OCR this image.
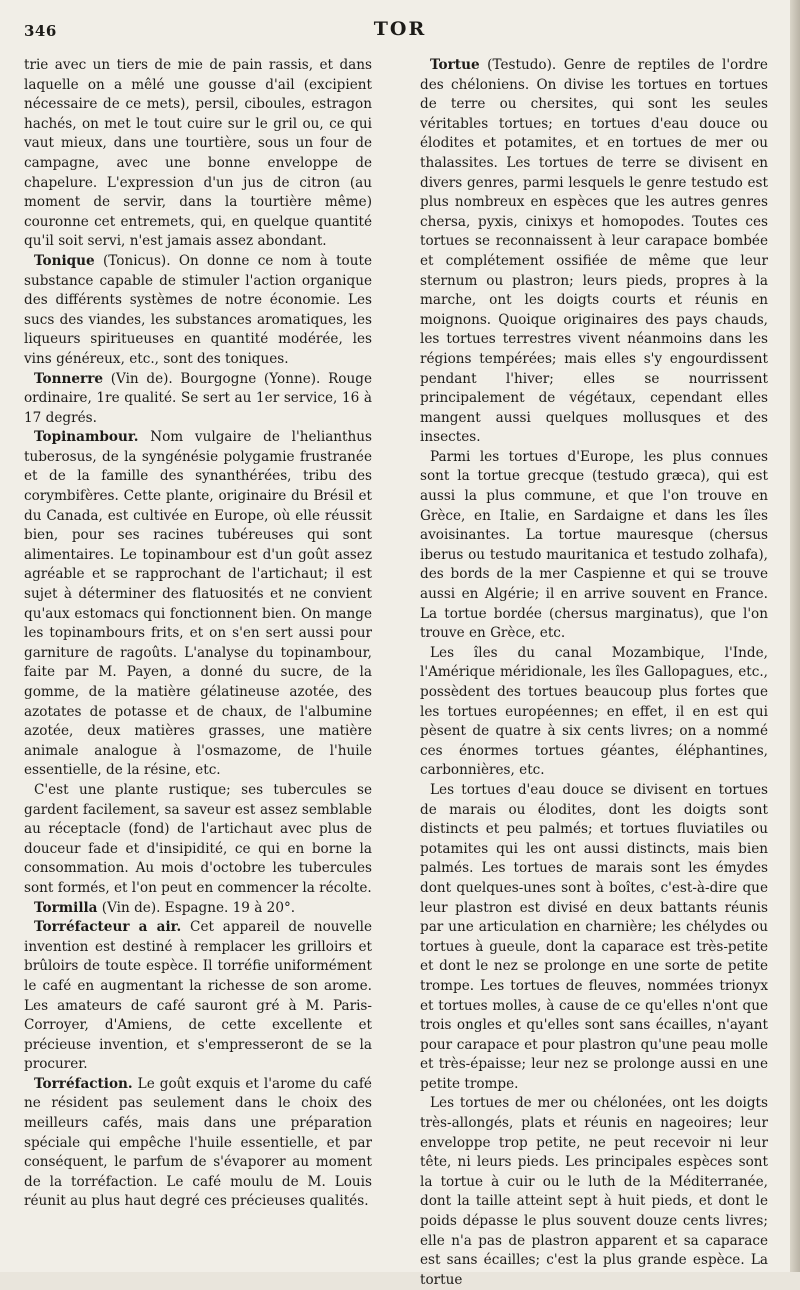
346	TOR

trie avec un tiers de mie de pain rassis, et dans laquelle on a mêlé une gousse d'ail (excipient nécessaire de ce mets), persil, ciboules, estragon hachés, on met le tout cuire sur le gril ou, ce qui vaut mieux, dans une tourtière, sous un four de campagne, avec une bonne enveloppe de chapelure. L'expression d'un jus de citron (au moment de servir, dans la tourtière même) couronne cet entremets, qui, en quelque quantité qu'il soit servi, n'est jamais assez abondant.

Tonique (Tonicus). On donne ce nom à toute substance capable de stimuler l'action organique des différents systèmes de notre économie. Les sucs des viandes, les substances aromatiques, les liqueurs spiritueuses en quantité modérée, les vins généreux, etc., sont des toniques.

Tonnerre (Vin de). Bourgogne (Yonne). Rouge ordinaire, 1re qualité. Se sert au 1er service, 16 à 17 degrés.

Topinambour. Nom vulgaire de l'helianthus tuberosus, de la syngénésie polygamie frustranée et de la famille des synanthérées, tribu des corymbifères. Cette plante, originaire du Brésil et du Canada, est cultivée en Europe, où elle réussit bien, pour ses racines tubéreuses qui sont alimentaires. Le topinambour est d'un goût assez agréable et se rapprochant de l'artichaut; il est sujet à déterminer des flatuosités et ne convient qu'aux estomacs qui fonctionnent bien. On mange les topinambours frits, et on s'en sert aussi pour garniture de ragoûts. L'analyse du topinambour, faite par M. Payen, a donné du sucre, de la gomme, de la matière gélatineuse azotée, des azotates de potasse et de chaux, de l'albumine azotée, deux matières grasses, une matière animale analogue à l'osmazome, de l'huile essentielle, de la résine, etc.

C'est une plante rustique; ses tubercules se gardent facilement, sa saveur est assez semblable au réceptacle (fond) de l'artichaut avec plus de douceur fade et d'insipidité, ce qui en borne la consommation. Au mois d'octobre les tubercules sont formés, et l'on peut en commencer la récolte.

Tormilla (Vin de). Espagne. 19 à 20°.

Torréfacteur a air. Cet appareil de nouvelle invention est destiné à remplacer les grilloirs et brûloirs de toute espèce. Il torréfie uniformément le café en augmentant la richesse de son arome. Les amateurs de café sauront gré à M. Paris-Corroyer, d'Amiens, de cette excellente et précieuse invention, et s'empresseront de se la procurer.

Torréfaction. Le goût exquis et l'arome du café ne résident pas seulement dans le choix des meilleurs cafés, mais dans une préparation spéciale qui empêche l'huile essentielle, et par conséquent, le parfum de s'évaporer au moment de la torréfaction. Le café moulu de M. Louis réunit au plus haut degré ces précieuses qualités.

Tortue (Testudo). Genre de reptiles de l'ordre des chéloniens. On divise les tortues en tortues de terre ou chersites, qui sont les seules véritables tortues; en tortues d'eau douce ou élodites et potamites, et en tortues de mer ou thalassites. Les tortues de terre se divisent en divers genres, parmi lesquels le genre testudo est plus nombreux en espèces que les autres genres chersa, pyxis, cinixys et homopodes. Toutes ces tortues se reconnaissent à leur carapace bombée et complétement ossifiée de même que leur sternum ou plastron; leurs pieds, propres à la marche, ont les doigts courts et réunis en moignons. Quoique originaires des pays chauds, les tortues terrestres vivent néanmoins dans les régions tempérées; mais elles s'y engourdissent pendant l'hiver; elles se nourrissent principalement de végétaux, cependant elles mangent aussi quelques mollusques et des insectes.

Parmi les tortues d'Europe, les plus connues sont la tortue grecque (testudo græca), qui est aussi la plus commune, et que l'on trouve en Grèce, en Italie, en Sardaigne et dans les îles avoisinantes. La tortue mauresque (chersus iberus ou testudo mauritanica et testudo zolhafa), des bords de la mer Caspienne et qui se trouve aussi en Algérie; il en arrive souvent en France. La tortue bordée (chersus marginatus), que l'on trouve en Grèce, etc.

Les îles du canal Mozambique, l'Inde, l'Amérique méridionale, les îles Gallopagues, etc., possèdent des tortues beaucoup plus fortes que les tortues européennes; en effet, il en est qui pèsent de quatre à six cents livres; on a nommé ces énormes tortues géantes, éléphantines, carbonnières, etc.

Les tortues d'eau douce se divisent en tortues de marais ou élodites, dont les doigts sont distincts et peu palmés; et tortues fluviatiles ou potamites qui les ont aussi distincts, mais bien palmés. Les tortues de marais sont les émydes dont quelques-unes sont à boîtes, c'est-à-dire que leur plastron est divisé en deux battants réunis par une articulation en charnière; les chélydes ou tortues à gueule, dont la caparace est très-petite et dont le nez se prolonge en une sorte de petite trompe. Les tortues de fleuves, nommées trionyx et tortues molles, à cause de ce qu'elles n'ont que trois ongles et qu'elles sont sans écailles, n'ayant pour carapace et pour plastron qu'une peau molle et très-épaisse; leur nez se prolonge aussi en une petite trompe.

Les tortues de mer ou chélonées, ont les doigts très-allongés, plats et réunis en nageoires; leur enveloppe trop petite, ne peut recevoir ni leur tête, ni leurs pieds. Les principales espèces sont la tortue à cuir ou le luth de la Méditerranée, dont la taille atteint sept à huit pieds, et dont le poids dépasse le plus souvent douze cents livres; elle n'a pas de plastron apparent et sa caparace est sans écailles; c'est la plus grande espèce. La tortue
